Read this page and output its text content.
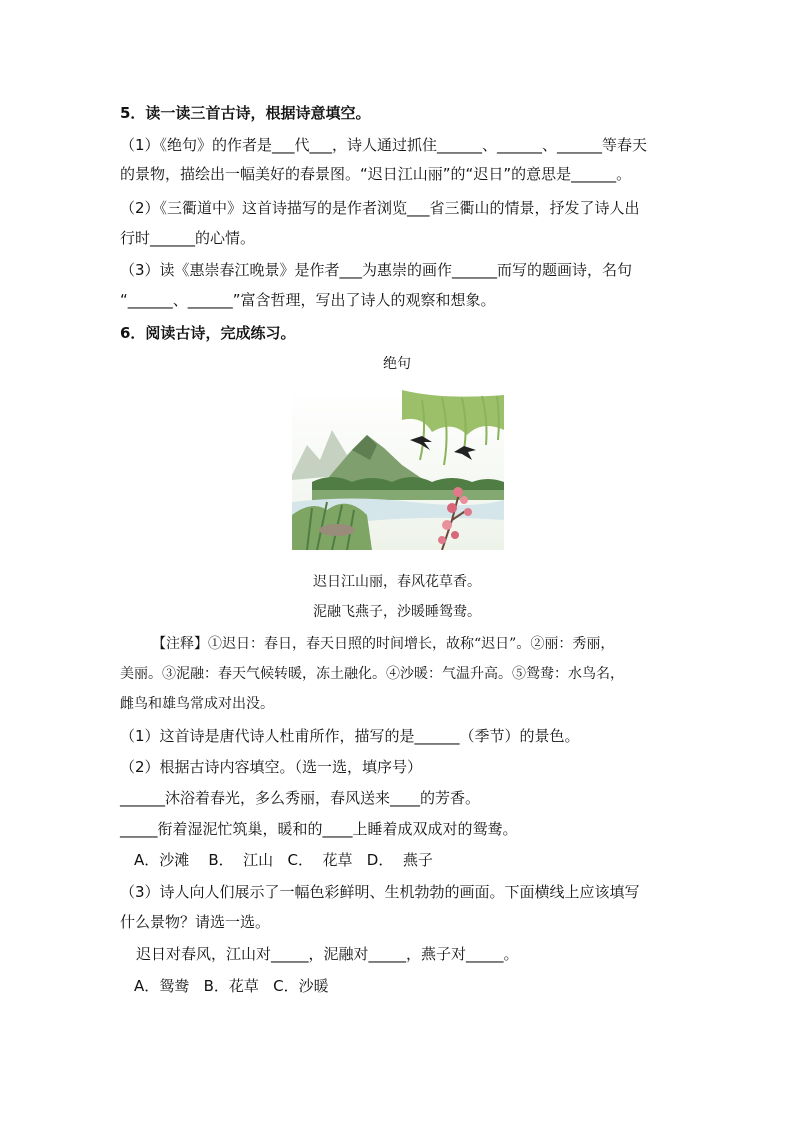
5．读一读三首古诗，根据诗意填空。
（1）《绝句》的作者是___代___，诗人通过抓住______、______、______等春天
的景物，描绘出一幅美好的春景图。“迟日江山丽”的“迟日”的意思是______。
（2）《三衢道中》这首诗描写的是作者浏览___省三衢山的情景，抒发了诗人出
行时______的心情。
（3）读《惠崇春江晚景》是作者___为惠崇的画作______而写的题画诗，名句
“______、______”富含哲理，写出了诗人的观察和想象。
6．阅读古诗，完成练习。
绝句
迟日江山丽，春风花草香。
泥融飞燕子，沙暖睡鸳鸯。
【注释】①迟日：春日，春天日照的时间增长，故称“迟日”。②丽：秀丽，
美丽。③泥融：春天气候转暖，冻土融化。④沙暖：气温升高。⑤鸳鸯：水鸟名，
雌鸟和雄鸟常成对出没。
（1）这首诗是唐代诗人杜甫所作，描写的是______（季节）的景色。
（2）根据古诗内容填空。（选一选，填序号）
______沐浴着春光，多么秀丽，春风送来____的芳香。
_____衔着湿泥忙筑巢，暖和的____上睡着成双成对的鸳鸯。
A．沙滩    B．  江山   C．  花草   D．  燕子
（3）诗人向人们展示了一幅色彩鲜明、生机勃勃的画面。下面横线上应该填写
什么景物？请选一选。
迟日对春风，江山对_____，泥融对_____，燕子对_____。
A．鸳鸯   B．花草   C．沙暖
